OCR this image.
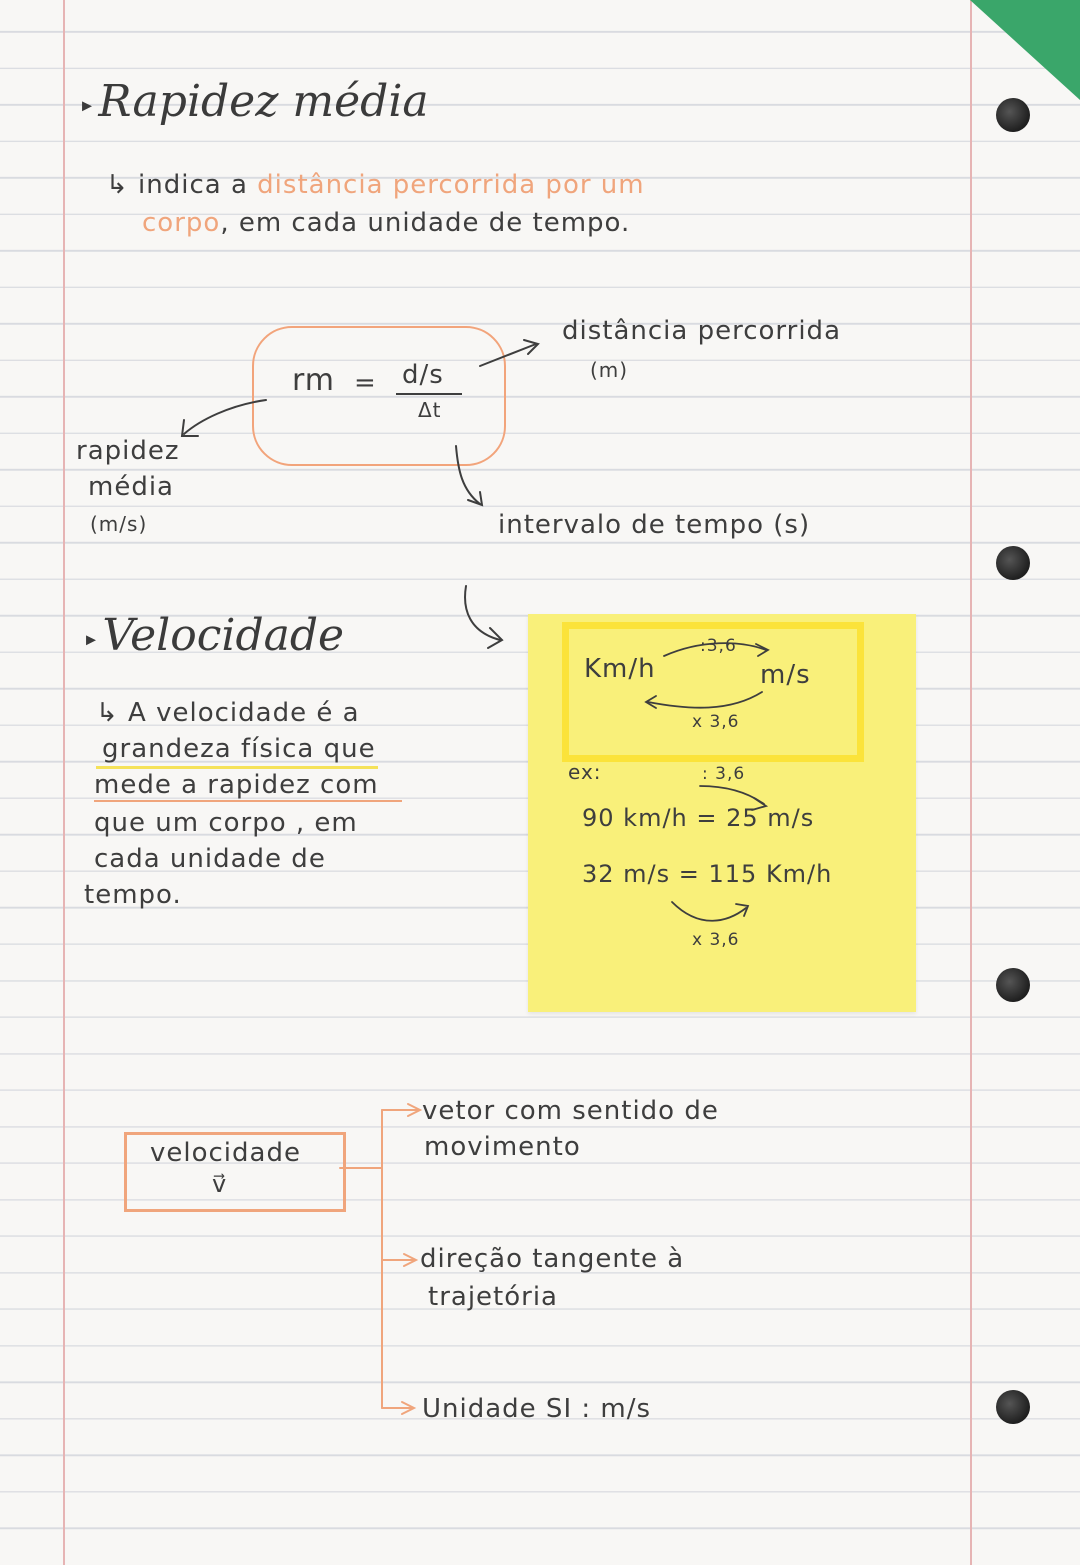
▸ Rapidez média
↳ indica a distância percorrida por um
corpo, em cada unidade de tempo.
rm = d/s
Δt
distância percorrida
(m)
rapidez
média
(m/s)	intervalo de tempo (s)
▸ Velocidade
↳ A velocidade é a
grandeza física que
mede a rapidez com
que um corpo , em
cada unidade de
tempo.
Km/h	m/s
:3,6
x 3,6
ex:	: 3,6
90 km/h = 25 m/s
32 m/s = 115 Km/h
x 3,6
velocidade
v⃗
vetor com sentido de
movimento
direção tangente à
trajetória
Unidade SI : m/s
